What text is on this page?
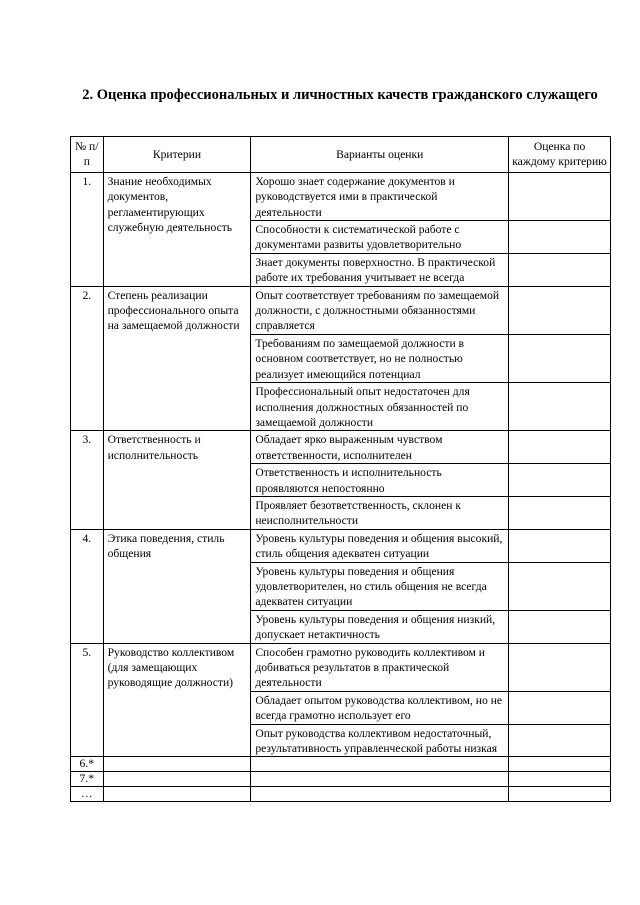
2. Оценка профессиональных и личностных качеств гражданского служащего
№ п/п	Критерии	Варианты оценки	Оценка по каждому критерию
1.	Знание необходимых документов, регламентирующих служебную деятельность	Хорошо знает содержание документов и руководствуется ими в практической деятельности	
		Способности к систематической работе с документами развиты удовлетворительно	
		Знает документы поверхностно. В практической работе их требования учитывает не всегда	
2.	Степень реализации профессионального опыта на замещаемой должности	Опыт соответствует требованиям по замещаемой должности, с должностными обязанностями справляется	
		Требованиям по замещаемой должности в основном соответствует, но не полностью реализует имеющийся потенциал	
		Профессиональный опыт недостаточен для исполнения должностных обязанностей по замещаемой должности	
3.	Ответственность и исполнительность	Обладает ярко выраженным чувством ответственности, исполнителен	
		Ответственность и исполнительность проявляются непостоянно	
		Проявляет безответственность, склонен к неисполнительности	
4.	Этика поведения, стиль общения	Уровень культуры поведения и общения высокий, стиль общения адекватен ситуации	
		Уровень культуры поведения и общения удовлетворителен, но стиль общения не всегда адекватен ситуации	
		Уровень культуры поведения и общения низкий, допускает нетактичность	
5.	Руководство коллективом (для замещающих руководящие должности)	Способен грамотно руководить коллективом и добиваться результатов в практической деятельности	
		Обладает опытом руководства коллективом, но не всегда грамотно использует его	
		Опыт руководства коллективом недостаточный, результативность управленческой работы низкая	
6.*			
7.*			
…			
